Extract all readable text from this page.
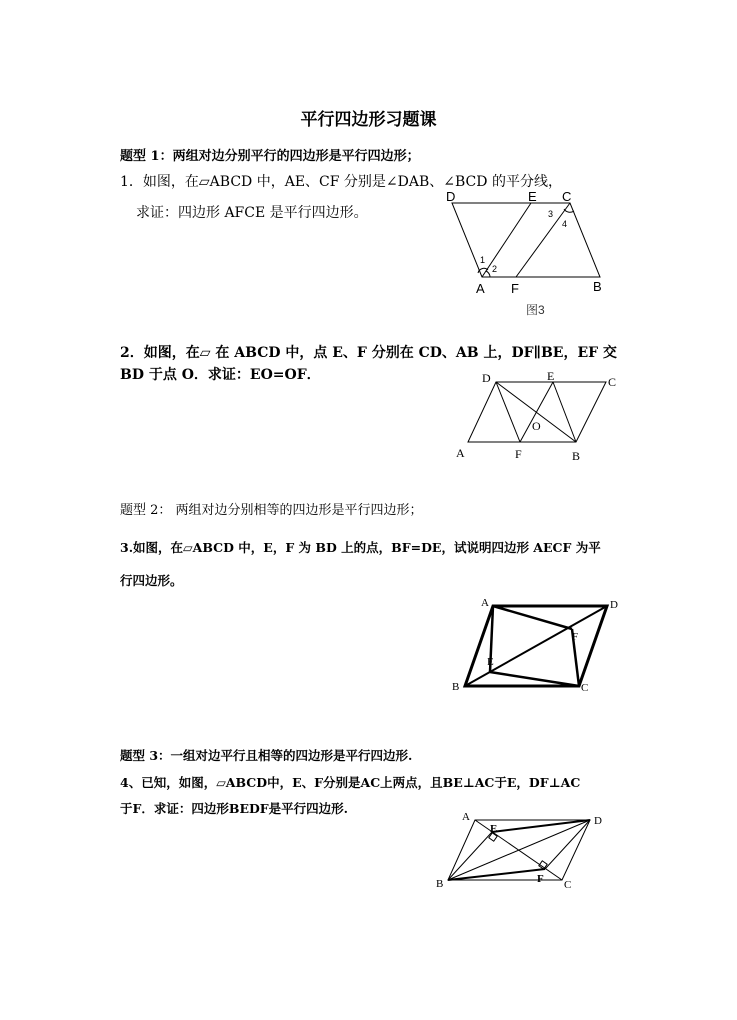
平行四边形习题课
题型 1：两组对边分别平行的四边形是平行四边形；
1．如图，在▱ABCD 中，AE、CF 分别是∠DAB、∠BCD 的平分线，
求证：四边形 AFCE 是平行四边形。
D	E C
A F	B
1
2
3
4
图3
2．如图，在▱ 在 ABCD 中，点 E、F 分别在 CD、AB 上，DF∥BE，EF 交
BD 于点 O．求证：EO=OF．	D	E	C
O
A	F	B
题型 2： 两组对边分别相等的四边形是平行四边形；
3.如图，在▱ABCD 中，E，F 为 BD 上的点，BF=DE，试说明四边形 AECF 为平
行四边形。
A	D
F
E
B	C
题型 3：一组对边平行且相等的四边形是平行四边形.
4、已知，如图，▱ABCD中，E、F分别是AC上两点，且BE⊥AC于E，DF⊥AC
于F．求证：四边形BEDF是平行四边形.
A
E
D
B	F C
